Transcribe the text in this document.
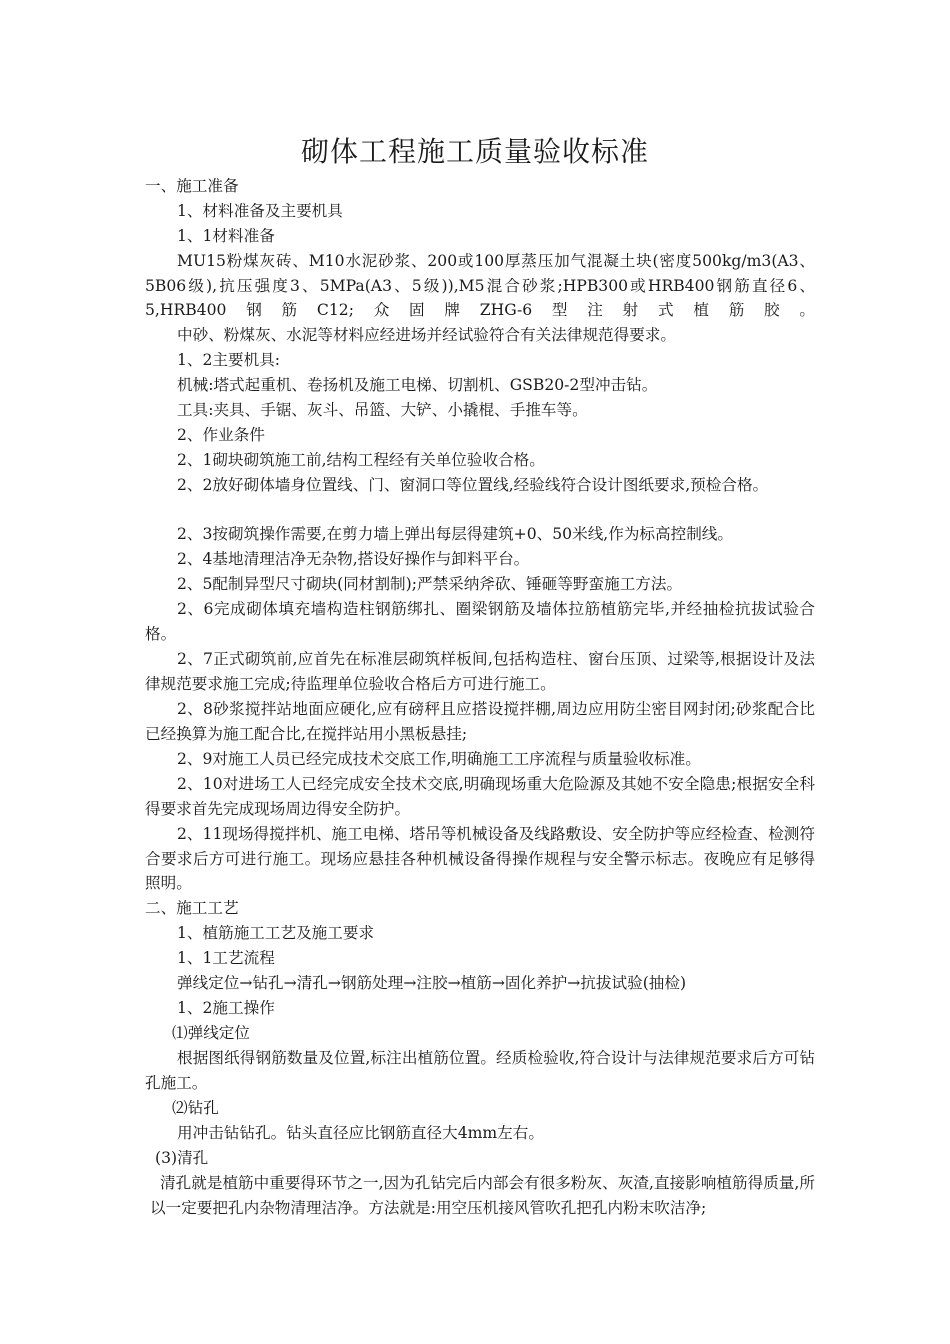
砌体工程施工质量验收标准
一、施工准备
1、材料准备及主要机具
1、1材料准备
MU15粉煤灰砖、M10水泥砂浆、200或100厚蒸压加气混凝土块(密度500kg/m3(A3、5B06级),抗压强度3、5MPa(A3、5级)),M5混合砂浆;HPB300或HRB400钢筋直径6、5,HRB400钢筋C12;众固牌ZHG-6型注射式植筋胶。
中砂、粉煤灰、水泥等材料应经进场并经试验符合有关法律规范得要求。
1、2主要机具:
机械:塔式起重机、卷扬机及施工电梯、切割机、GSB20-2型冲击钻。
工具:夹具、手锯、灰斗、吊篮、大铲、小撬棍、手推车等。
2、作业条件
2、1砌块砌筑施工前,结构工程经有关单位验收合格。
2、2放好砌体墙身位置线、门、窗洞口等位置线,经验线符合设计图纸要求,预检合格。
2、3按砌筑操作需要,在剪力墙上弹出每层得建筑+0、50米线,作为标高控制线。
2、4基地清理洁净无杂物,搭设好操作与卸料平台。
2、5配制异型尺寸砌块(同材割制);严禁采纳斧砍、锤砸等野蛮施工方法。
2、6完成砌体填充墙构造柱钢筋绑扎、圈梁钢筋及墙体拉筋植筋完毕,并经抽检抗拔试验合格。
2、7正式砌筑前,应首先在标准层砌筑样板间,包括构造柱、窗台压顶、过梁等,根据设计及法律规范要求施工完成;待监理单位验收合格后方可进行施工。
2、8砂浆搅拌站地面应硬化,应有磅秤且应搭设搅拌棚,周边应用防尘密目网封闭;砂浆配合比已经换算为施工配合比,在搅拌站用小黑板悬挂;
2、9对施工人员已经完成技术交底工作,明确施工工序流程与质量验收标准。
2、10对进场工人已经完成安全技术交底,明确现场重大危险源及其她不安全隐患;根据安全科得要求首先完成现场周边得安全防护。
2、11现场得搅拌机、施工电梯、塔吊等机械设备及线路敷设、安全防护等应经检查、检测符合要求后方可进行施工。现场应悬挂各种机械设备得操作规程与安全警示标志。夜晚应有足够得照明。
二、施工工艺
1、植筋施工工艺及施工要求
1、1工艺流程
弹线定位→钻孔→清孔→钢筋处理→注胶→植筋→固化养护→抗拔试验(抽检)
1、2施工操作
⑴弹线定位
根据图纸得钢筋数量及位置,标注出植筋位置。经质检验收,符合设计与法律规范要求后方可钻孔施工。
⑵钻孔
用冲击钻钻孔。钻头直径应比钢筋直径大4mm左右。
(3)清孔
清孔就是植筋中重要得环节之一,因为孔钻完后内部会有很多粉灰、灰渣,直接影响植筋得质量,所以一定要把孔内杂物清理洁净。方法就是:用空压机接风管吹孔把孔内粉末吹洁净;
